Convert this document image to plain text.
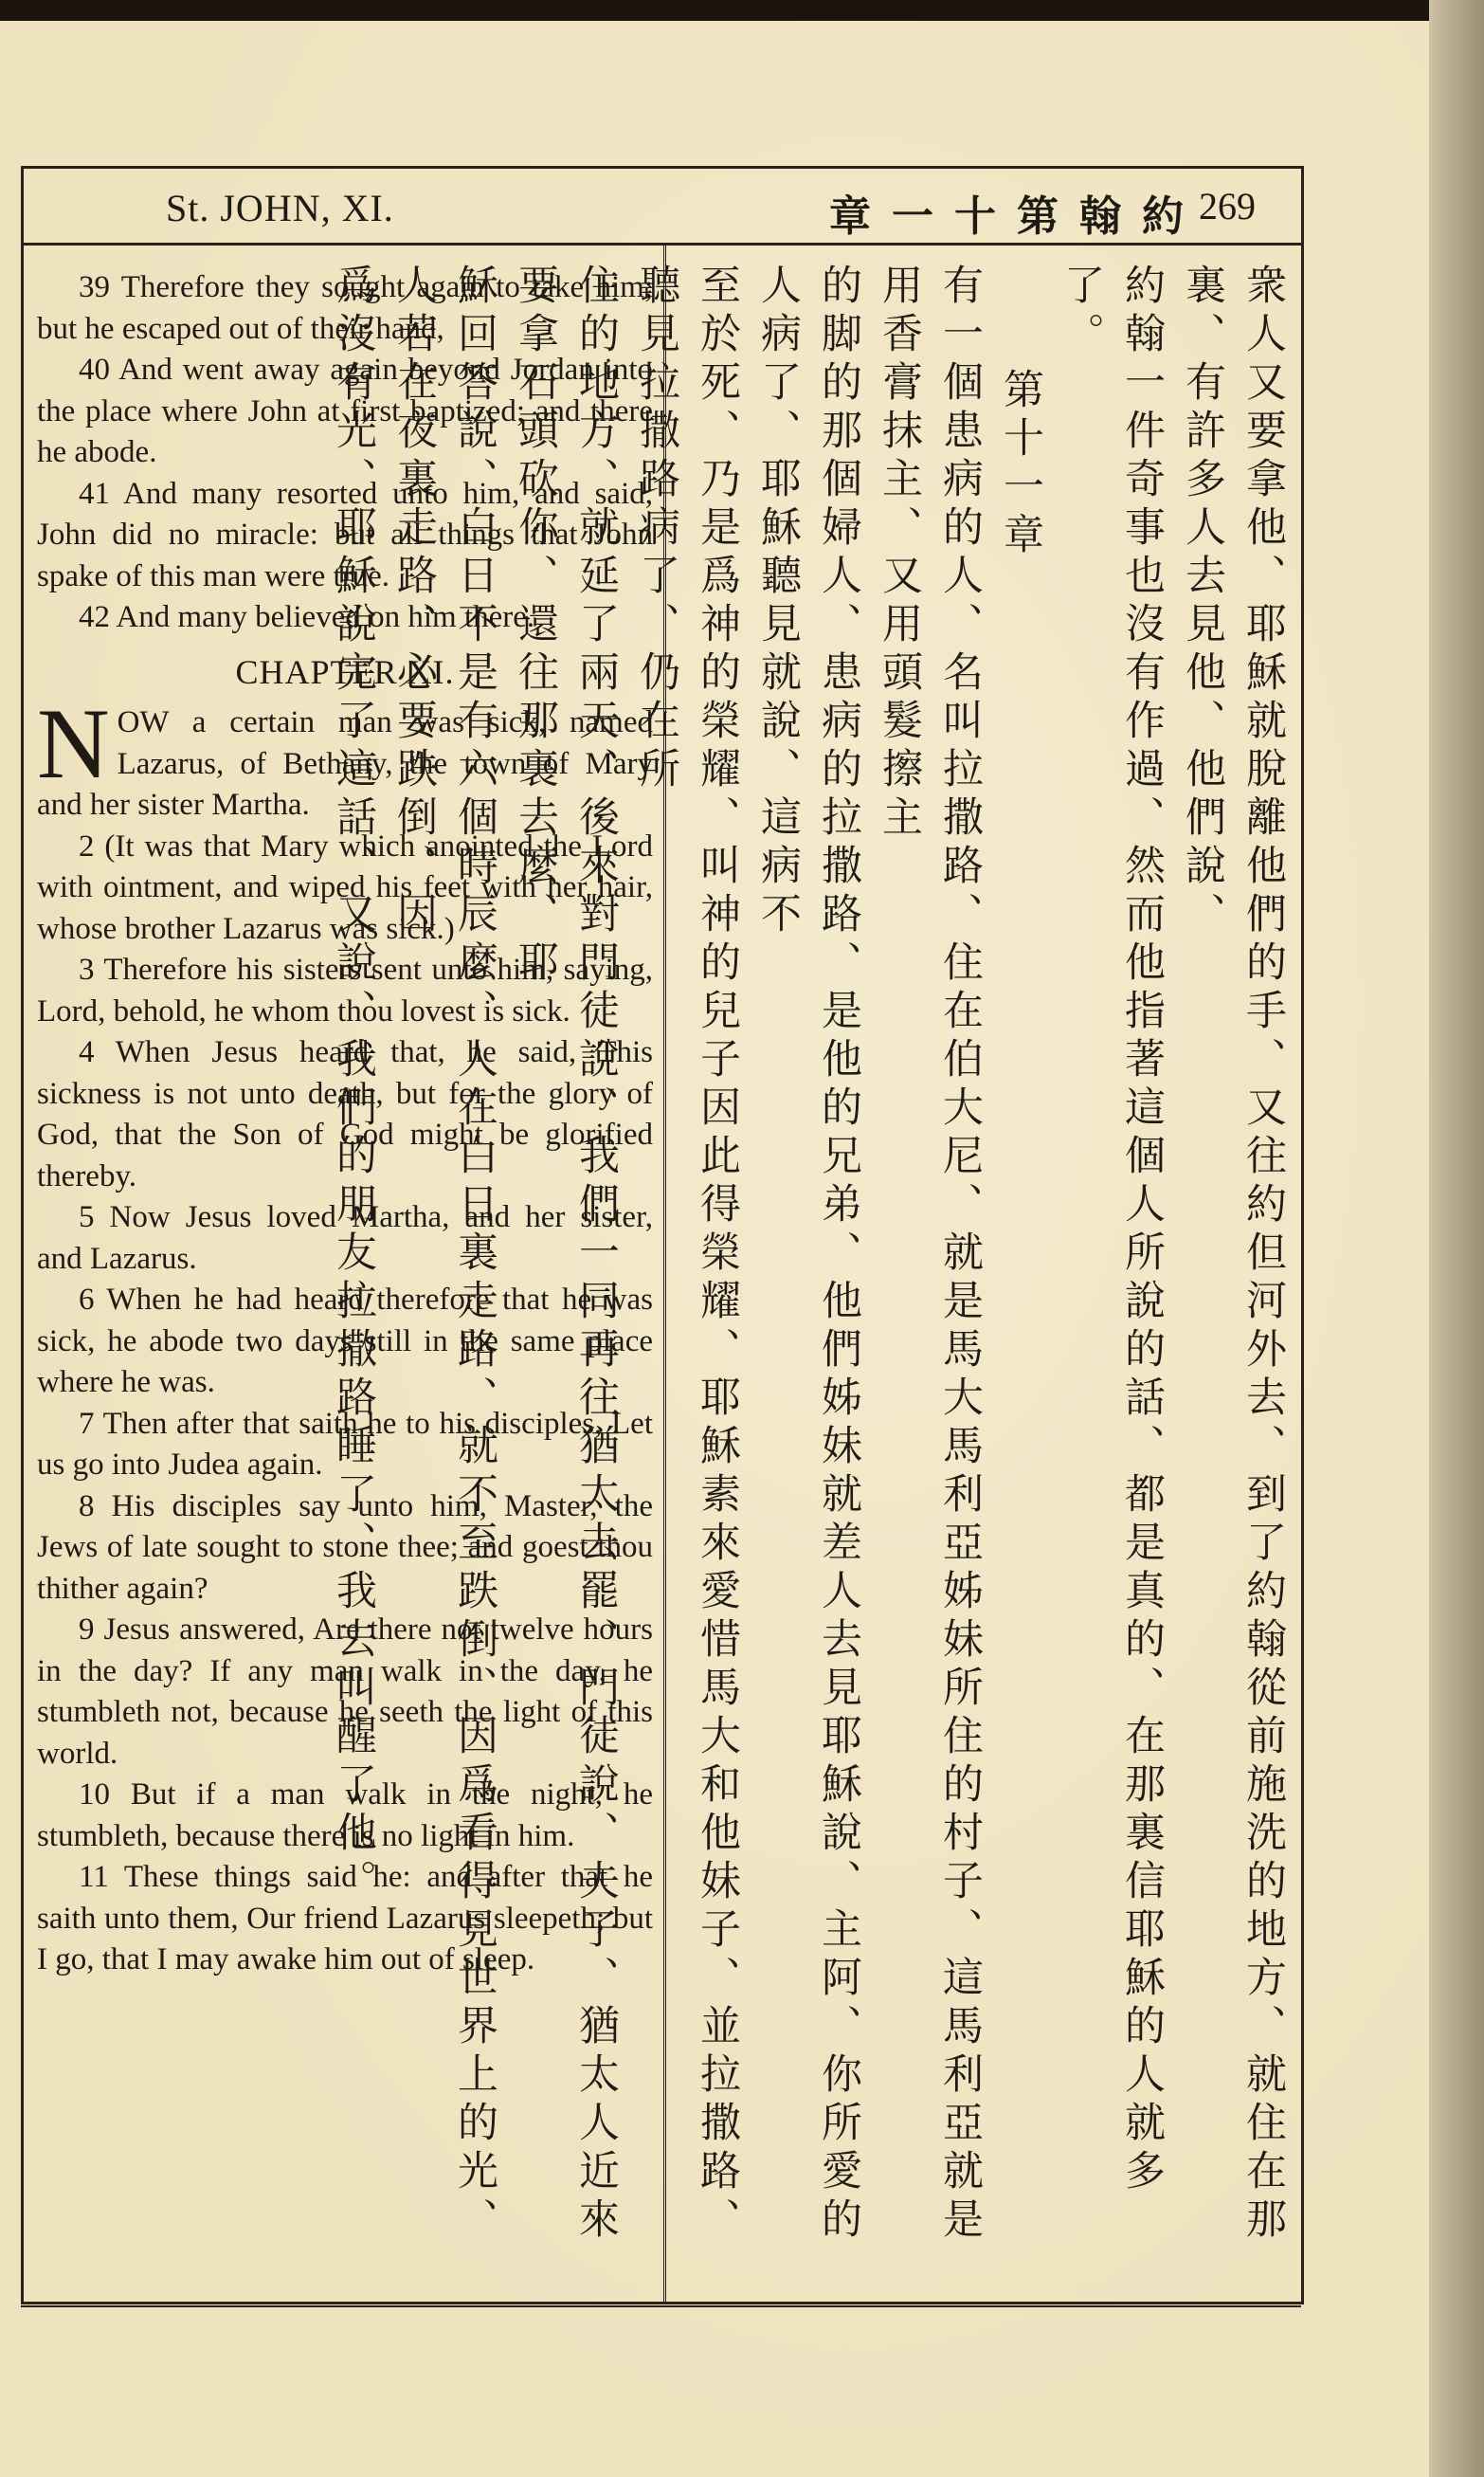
St. JOHN, XI.	章一十第翰約
269

39 Therefore they sought again to take him; but he escaped out of their hand,

40 And went away again beyond Jordan into the place where John at first baptized; and there he abode.

41 And many resorted unto him, and said, John did no miracle: but all things that John spake of this man were true.

42 And many believed on him there.

CHAPTER XI.

NOW a certain man was sick, named Lazarus, of Bethany, the town of Mary and her sister Martha.

2 (It was that Mary which anointed the Lord with ointment, and wiped his feet with her hair, whose brother Lazarus was sick.)

3 Therefore his sisters sent unto him, saying, Lord, behold, he whom thou lovest is sick.

4 When Jesus heard that, he said, This sickness is not unto death, but for the glory of God, that the Son of God might be glorified thereby.

5 Now Jesus loved Martha, and her sister, and Lazarus.

6 When he had heard therefore that he was sick, he abode two days still in the same place where he was.

7 Then after that saith he to his disciples, Let us go into Judea again.

8 His disciples say unto him, Master, the Jews of late sought to stone thee; and goest thou thither again?

9 Jesus answered, Are there not twelve hours in the day? If any man walk in the day, he stumbleth not, because he seeth the light of this world.

10 But if a man walk in the night, he stumbleth, because there is no light in him.

11 These things said he: and after that he saith unto them, Our friend Lazarus sleepeth; but I go, that I may awake him out of sleep.	衆人又要拿他、耶穌就脫離他們的手、又往約但河外去、到了約翰從前施洗的地方、就住在那裏、有許多人去見他、他們說、

約翰一件奇事也沒有作過、然而他指著這個人所說的話、都是真的、在那裏信耶穌的人就多了。

第十一章

有一個患病的人、名叫拉撒路、住在伯大尼、就是馬大馬利亞姊妹所住的村子、這馬利亞就是用香膏抹主、又用頭髮擦主

的脚的那個婦人、患病的拉撒路、是他的兄弟、他們姊妹就差人去見耶穌說、主阿、你所愛的人病了、耶穌聽見就說、這病不

至於死、乃是爲神的榮耀、叫神的兒子因此得榮耀、耶穌素來愛惜馬大和他妹子、並拉撒路、聽見拉撒路病了、仍在所

住的地方、就延了兩天、後來對門徒說、我們一同再往猶太去罷、門徒說、夫子、猶太人近來要拿石頭砍你、還往那裏去麼、耶

穌回答說、白日不是有六個時辰麼、人在白日裏走路、就不至跌倒、因爲看得見世界上的光、人若在夜裏走路、必要跌倒、因

爲沒有光、耶穌說完了這話、又說、我們的朋友拉撒路睡了、我去叫醒了他。
